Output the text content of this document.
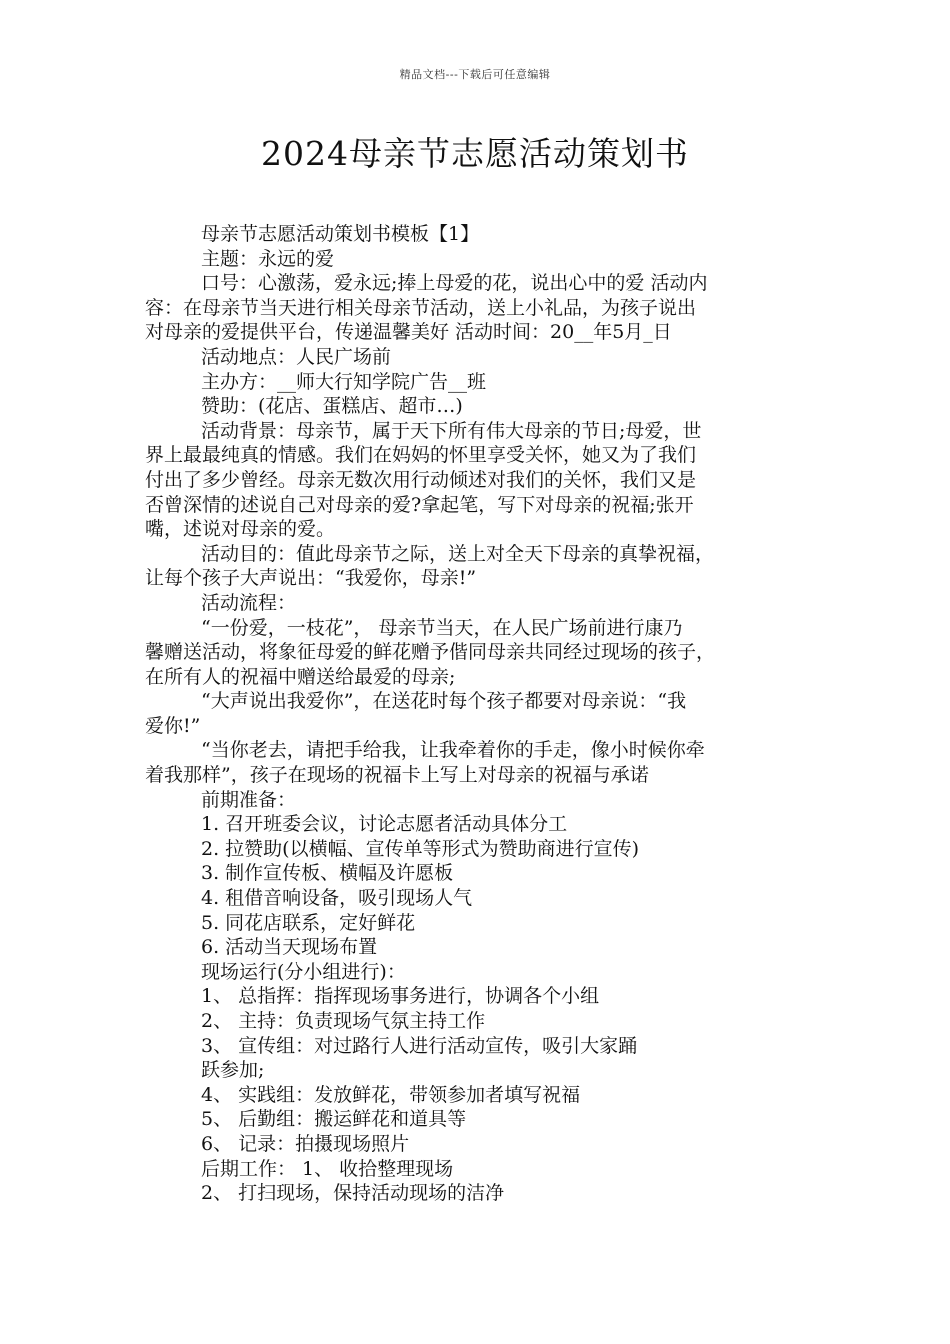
精品文档---下载后可任意编辑
2024母亲节志愿活动策划书

母亲节志愿活动策划书模板【1】

主题：永远的爱

口号：心激荡，爱永远;捧上母爱的花，说出心中的爱 活动内

容：在母亲节当天进行相关母亲节活动，送上小礼品，为孩子说出

对母亲的爱提供平台，传递温馨美好 活动时间：20__年5月_日

活动地点：人民广场前

主办方：__师大行知学院广告__班

赞助：(花店、蛋糕店、超市…)

活动背景：母亲节，属于天下所有伟大母亲的节日;母爱，世

界上最最纯真的情感。我们在妈妈的怀里享受关怀，她又为了我们

付出了多少曾经。母亲无数次用行动倾述对我们的关怀，我们又是

否曾深情的述说自己对母亲的爱?拿起笔，写下对母亲的祝福;张开

嘴，述说对母亲的爱。

活动目的：值此母亲节之际，送上对全天下母亲的真挚祝福，

让每个孩子大声说出：“我爱你，母亲!”

活动流程：

“一份爱，一枝花”， 母亲节当天，在人民广场前进行康乃

馨赠送活动，将象征母爱的鲜花赠予偕同母亲共同经过现场的孩子，

在所有人的祝福中赠送给最爱的母亲;

“大声说出我爱你”，在送花时每个孩子都要对母亲说：“我

爱你!”

“当你老去，请把手给我，让我牵着你的手走，像小时候你牵

着我那样”，孩子在现场的祝福卡上写上对母亲的祝福与承诺

前期准备：

1. 召开班委会议，讨论志愿者活动具体分工

2. 拉赞助(以横幅、宣传单等形式为赞助商进行宣传)

3. 制作宣传板、横幅及许愿板

4. 租借音响设备，吸引现场人气

5. 同花店联系，定好鲜花

6. 活动当天现场布置

现场运行(分小组进行)：

1、 总指挥：指挥现场事务进行，协调各个小组

2、 主持：负责现场气氛主持工作

3、 宣传组：对过路行人进行活动宣传，吸引大家踊

跃参加;

4、 实践组：发放鲜花，带领参加者填写祝福

5、 后勤组：搬运鲜花和道具等

6、 记录：拍摄现场照片

后期工作： 1、 收拾整理现场

2、 打扫现场，保持活动现场的洁净
